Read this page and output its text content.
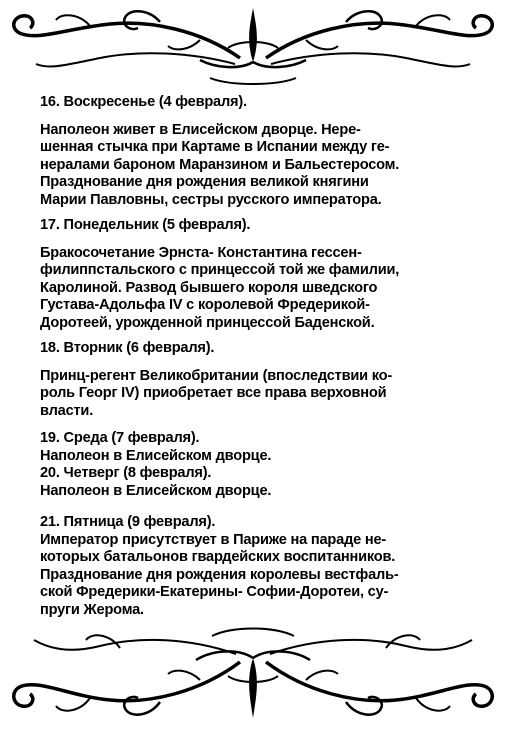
16. Воскресенье (4 февраля).

Наполеон живет в Елисейском дворце. Нере-
шенная стычка при Картаме в Испании между ге-
нералами бароном Маранзином и Бальестеросом.
Празднование дня рождения великой княгини
Марии Павловны, сестры русского императора.

17. Понедельник (5 февраля).

Бракосочетание Эрнста- Константина гессен-
филиппстальского с принцессой той же фамилии,
Каролиной. Развод бывшего короля шведского
Густава-Адольфа IV с королевой Фредерикой-
Доротеей, урожденной принцессой Баденской.

18. Вторник (6 февраля).

Принц-регент Великобритании (впоследствии ко-
роль Георг IV) приобретает все права верховной
власти.

19. Среда (7 февраля).

Наполеон в Елисейском дворце.

20. Четверг (8 февраля).

Наполеон в Елисейском дворце.

21. Пятница (9 февраля).

Император присутствует в Париже на параде не-
которых батальонов гвардейских воспитанников.
Празднование дня рождения королевы вестфаль-
ской Фредерики-Екатерины- Софии-Доротеи, су-
пруги Жерома.
